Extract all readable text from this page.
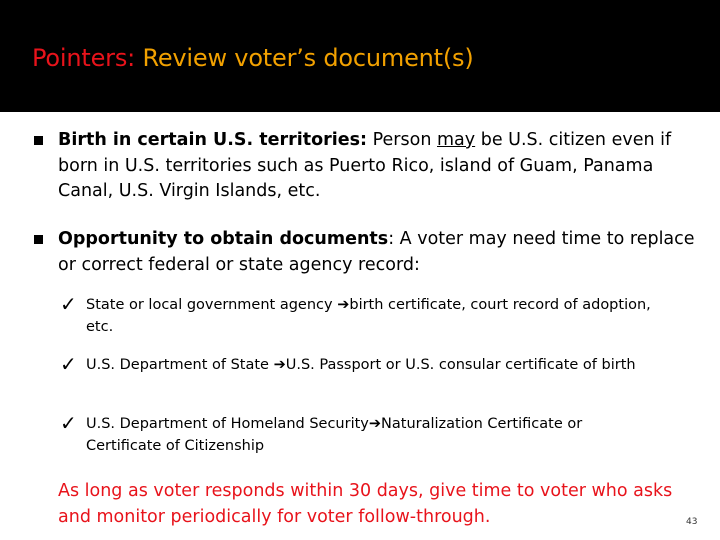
Pointers: Review voter’s document(s)
Birth in certain U.S. territories: Person may be U.S. citizen even if born in U.S. territories such as Puerto Rico, island of Guam, Panama Canal, U.S. Virgin Islands, etc.
Opportunity to obtain documents: A voter may need time to replace or correct federal or state agency record:
✓ State or local government agency ➔birth certificate, court record of adoption, etc.
✓ U.S. Department of State ➔U.S. Passport or U.S. consular certificate of birth
✓ U.S. Department of Homeland Security➔Naturalization Certificate or Certificate of Citizenship
As long as voter responds within 30 days, give time to voter who asks and monitor periodically for voter follow-through.	43
